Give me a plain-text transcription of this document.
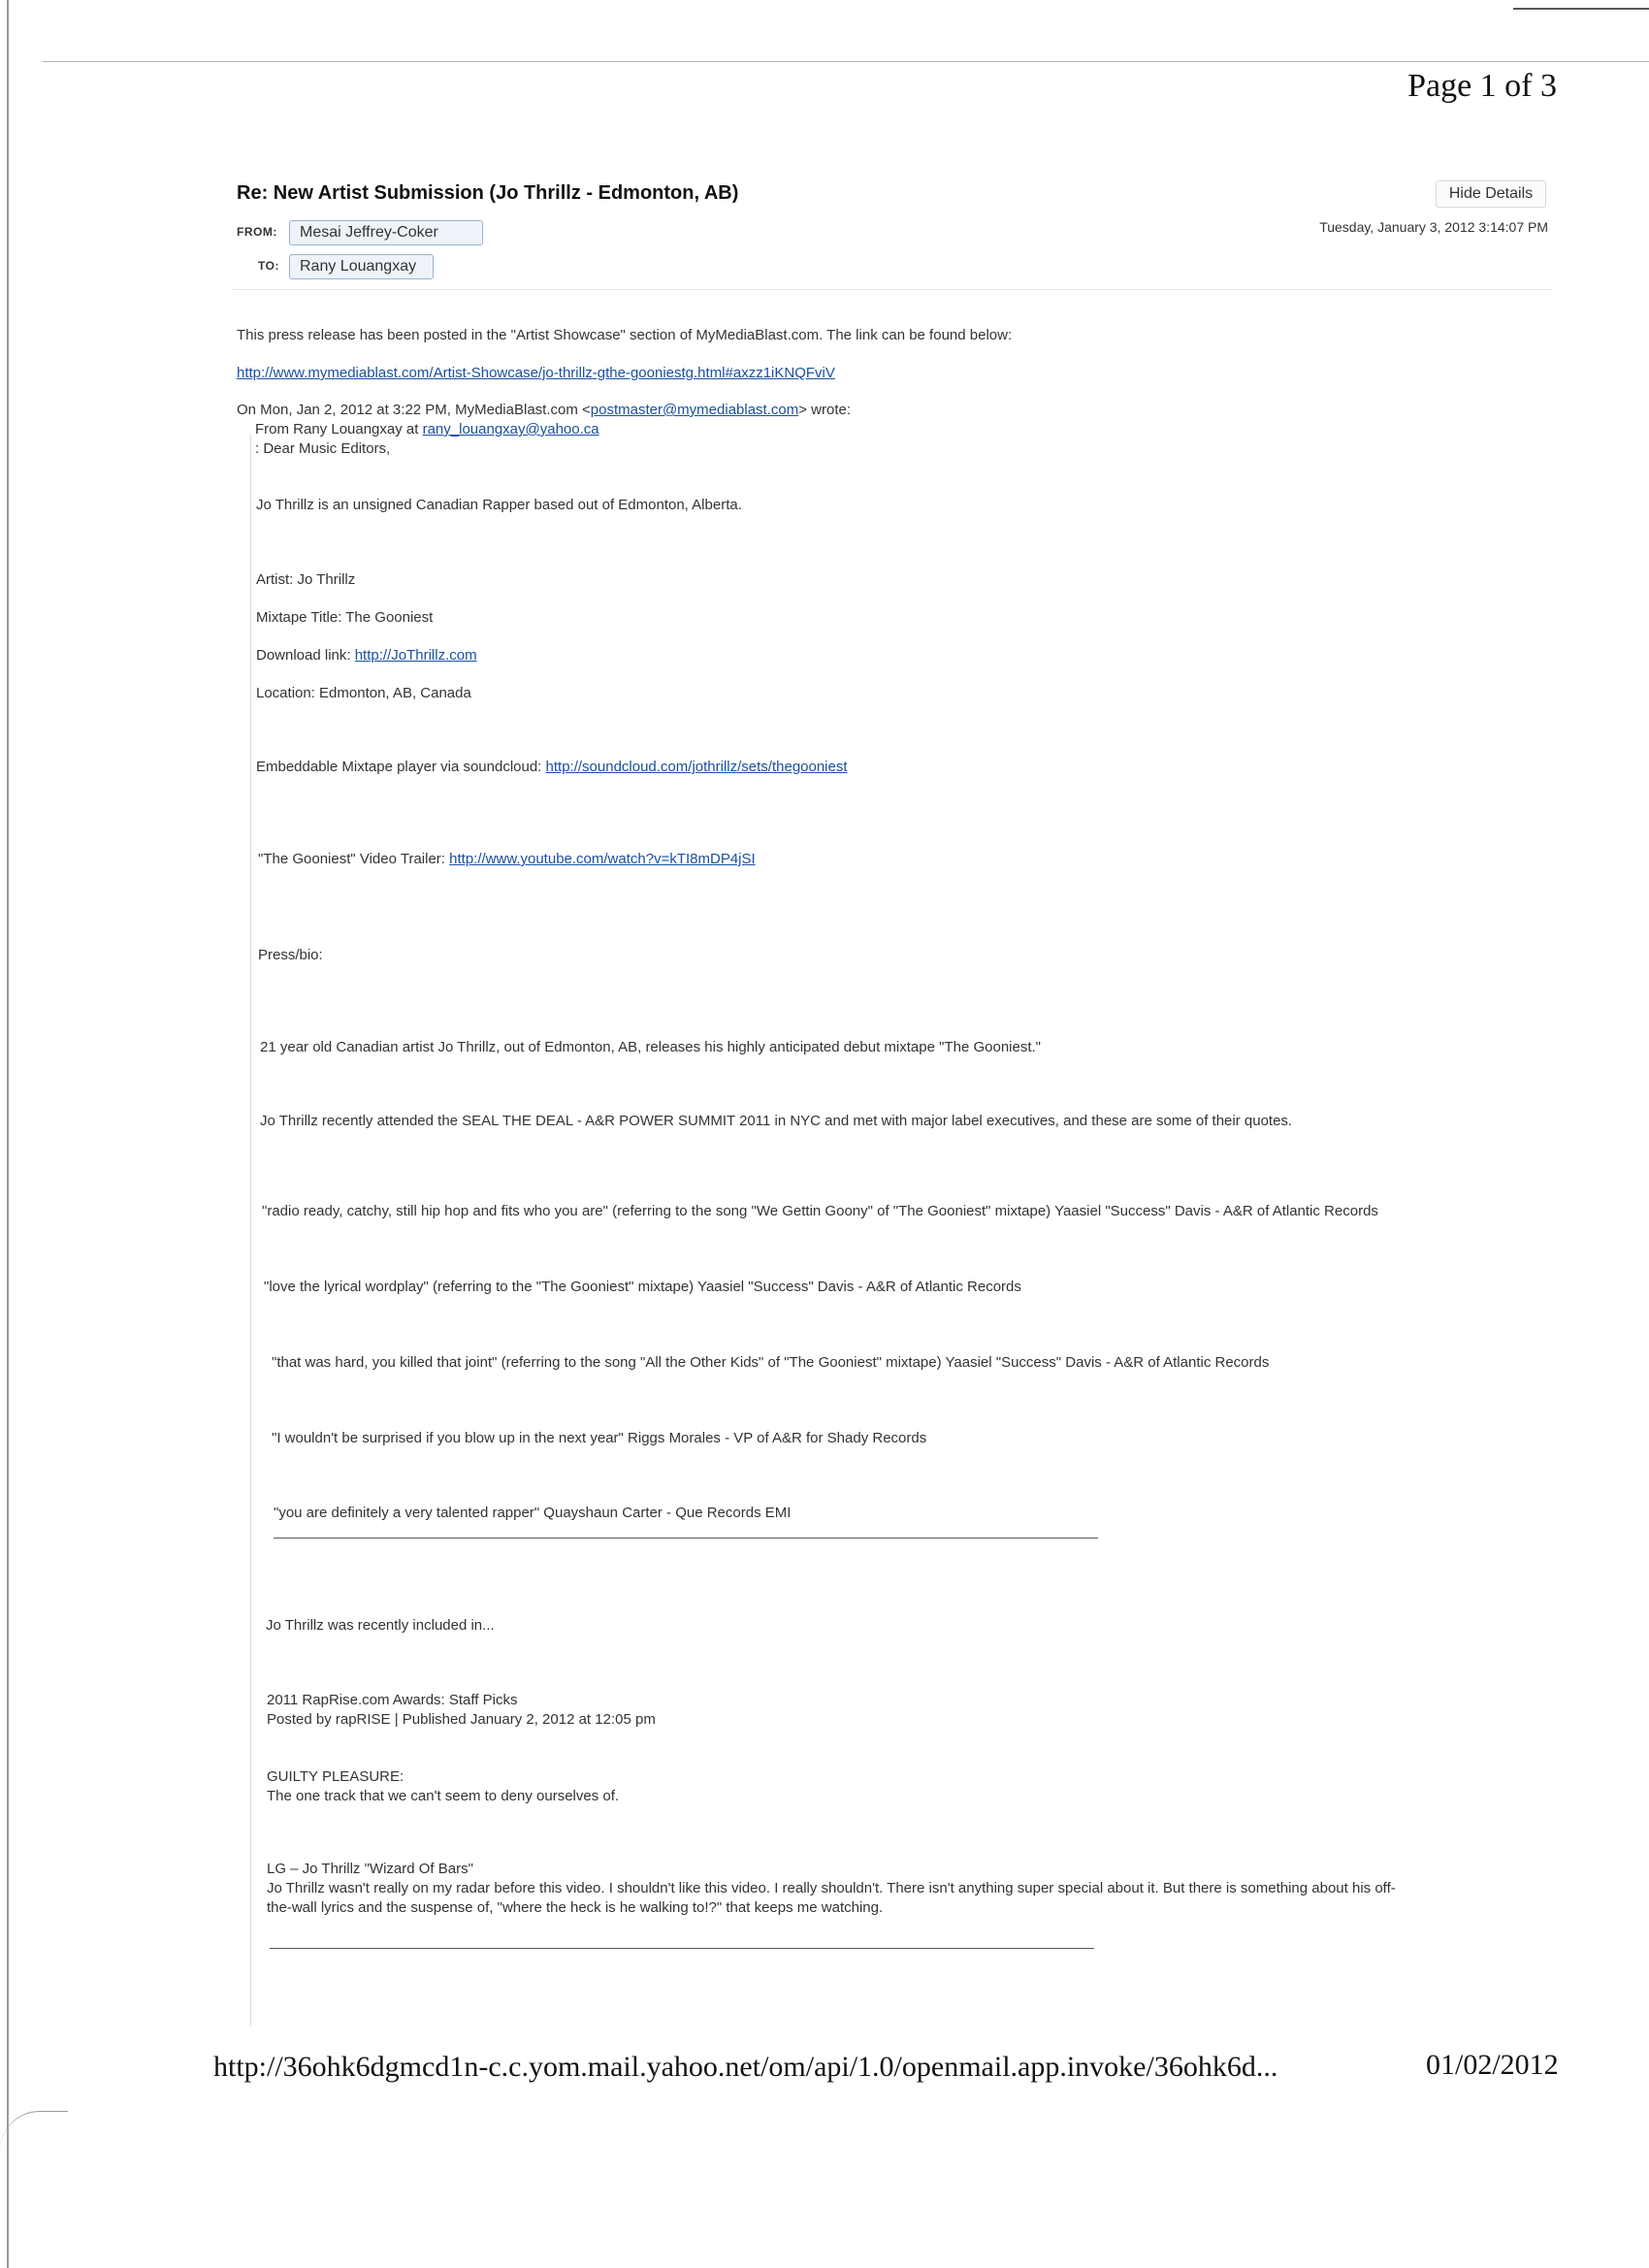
Page 1 of 3
Re: New Artist Submission (Jo Thrillz - Edmonton, AB)	Hide Details
Tuesday, January 3, 2012 3:14:07 PM
FROM:	Mesai Jeffrey-Coker
TO:	Rany Louangxay
This press release has been posted in the "Artist Showcase" section of MyMediaBlast.com. The link can be found below:
http://www.mymediablast.com/Artist-Showcase/jo-thrillz-gthe-gooniestg.html#axzz1iKNQFviV
On Mon, Jan 2, 2012 at 3:22 PM, MyMediaBlast.com <postmaster@mymediablast.com> wrote:
From Rany Louangxay at rany_louangxay@yahoo.ca
: Dear Music Editors,
Jo Thrillz is an unsigned Canadian Rapper based out of Edmonton, Alberta.
Artist: Jo Thrillz
Mixtape Title: The Gooniest
Download link: http://JoThrillz.com
Location: Edmonton, AB, Canada
Embeddable Mixtape player via soundcloud: http://soundcloud.com/jothrillz/sets/thegooniest
"The Gooniest" Video Trailer: http://www.youtube.com/watch?v=kTI8mDP4jSI
Press/bio:
21 year old Canadian artist Jo Thrillz, out of Edmonton, AB, releases his highly anticipated debut mixtape "The Gooniest."
Jo Thrillz recently attended the SEAL THE DEAL - A&R POWER SUMMIT 2011 in NYC and met with major label executives, and these are some of their quotes.
"radio ready, catchy, still hip hop and fits who you are" (referring to the song "We Gettin Goony" of "The Gooniest" mixtape) Yaasiel "Success" Davis - A&R of Atlantic Records
"love the lyrical wordplay" (referring to the "The Gooniest" mixtape) Yaasiel "Success" Davis - A&R of Atlantic Records
"that was hard, you killed that joint" (referring to the song "All the Other Kids" of "The Gooniest" mixtape) Yaasiel "Success" Davis - A&R of Atlantic Records
"I wouldn't be surprised if you blow up in the next year" Riggs Morales - VP of A&R for Shady Records
"you are definitely a very talented rapper" Quayshaun Carter - Que Records EMI
Jo Thrillz was recently included in...
2011 RapRise.com Awards: Staff Picks
Posted by rapRISE | Published January 2, 2012 at 12:05 pm
GUILTY PLEASURE:
The one track that we can't seem to deny ourselves of.
LG – Jo Thrillz "Wizard Of Bars"
Jo Thrillz wasn't really on my radar before this video. I shouldn't like this video. I really shouldn't. There isn't anything super special about it. But there is something about his off-
the-wall lyrics and the suspense of, "where the heck is he walking to!?" that keeps me watching.
http://36ohk6dgmcd1n-c.c.yom.mail.yahoo.net/om/api/1.0/openmail.app.invoke/36ohk6d...	01/02/2012
